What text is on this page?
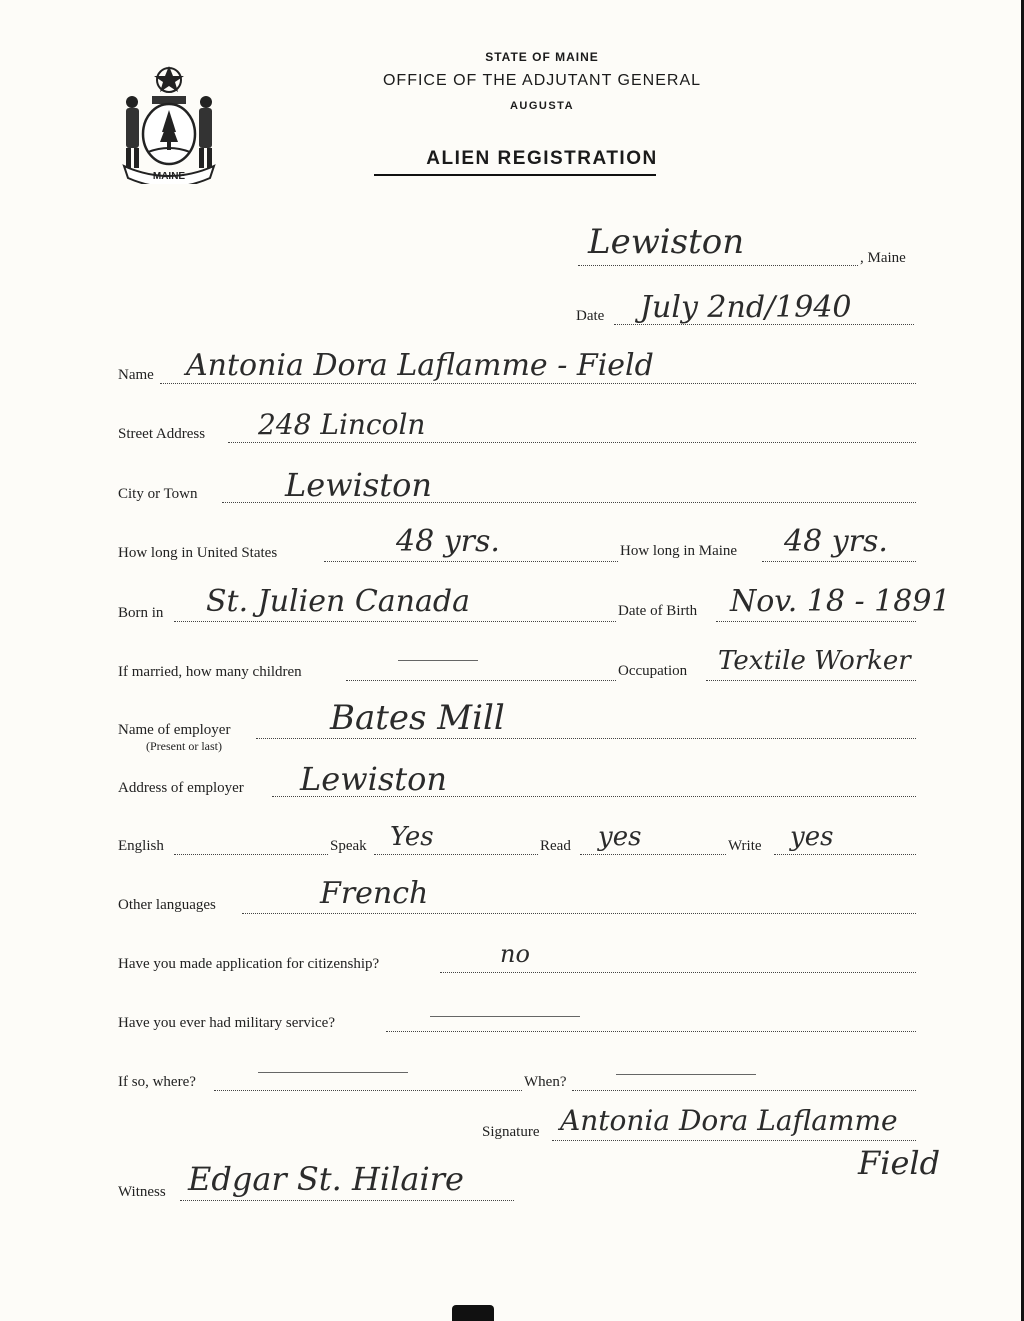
MAINE
STATE OF MAINE
OFFICE OF THE ADJUTANT GENERAL
AUGUSTA
ALIEN REGISTRATION
Lewiston	, Maine
Date July 2nd/1940
Name Antonia Dora Laflamme - Field
Street Address 248 Lincoln
City or Town	Lewiston
How long in United States	48 yrs.	How long in Maine 48 yrs.
Born in St. Julien Canada	Date of Birth Nov. 18 - 1891
If married, how many children	Occupation Textile Worker
Name of employer
(Present or last)
Bates Mill
Address of employer Lewiston
English	Speak Yes	Read yes	Write yes
Other languages	French
Have you made application for citizenship?	no
Have you ever had military service?
If so, where?	When?
Signature Antonia Dora Laflamme
Field
Witness Edgar St. Hilaire
